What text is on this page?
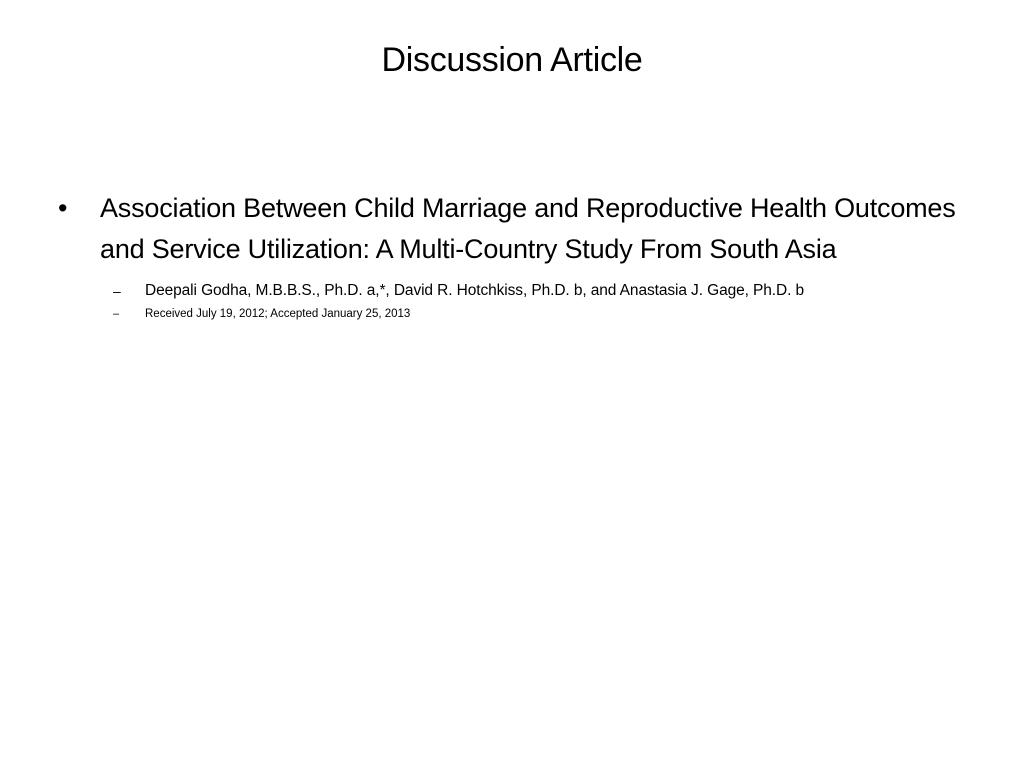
Discussion Article
•	Association Between Child Marriage and Reproductive Health Outcomes and Service Utilization: A Multi-Country Study From South Asia
– Deepali Godha, M.B.B.S., Ph.D. a,*, David R. Hotchkiss, Ph.D. b, and Anastasia J. Gage, Ph.D. b
– Received July 19, 2012; Accepted January 25, 2013
